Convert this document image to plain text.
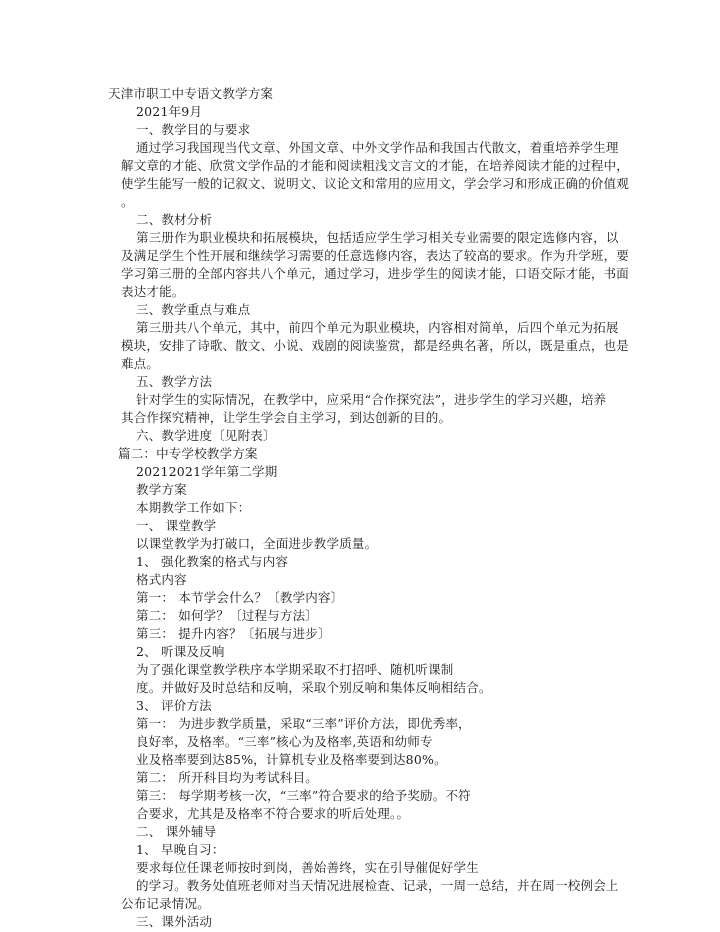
天津市职工中专语文教学方案
2021年9月
一、教学目的与要求
通过学习我国现当代文章、外国文章、中外文学作品和我国古代散文，着重培养学生理
解文章的才能、欣赏文学作品的才能和阅读粗浅文言文的才能，在培养阅读才能的过程中，
使学生能写一般的记叙文、说明文、议论文和常用的应用文，学会学习和形成正确的价值观
。
二、教材分析
第三册作为职业模块和拓展模块，包括适应学生学习相关专业需要的限定选修内容，以
及满足学生个性开展和继续学习需要的任意选修内容，表达了较高的要求。作为升学班，要
学习第三册的全部内容共八个单元，通过学习，进步学生的阅读才能，口语交际才能，书面
表达才能。
三、教学重点与难点
第三册共八个单元，其中，前四个单元为职业模块，内容相对简单，后四个单元为拓展
模块，安排了诗歌、散文、小说、戏剧的阅读鉴赏，都是经典名著，所以，既是重点，也是
难点。
五、教学方法
针对学生的实际情况，在教学中，应采用“合作探究法”，进步学生的学习兴趣，培养
其合作探究精神，让学生学会自主学习，到达创新的目的。
六、教学进度〔见附表〕
篇二：中专学校教学方案
20212021学年第二学期
教学方案
本期教学工作如下：
一、 课堂教学
以课堂教学为打破口，全面进步教学质量。
1、 强化教案的格式与内容
格式内容
第一： 本节学会什么？〔教学内容〕
第二： 如何学？〔过程与方法〕
第三： 提升内容？〔拓展与进步〕
2、 听课及反响
为了强化课堂教学秩序本学期采取不打招呼、随机听课制
度。并做好及时总结和反响，采取个别反响和集体反响相结合。
3、 评价方法
第一： 为进步教学质量，采取“三率”评价方法，即优秀率，
良好率，及格率。“三率”核心为及格率,英语和幼师专
业及格率要到达85%，计算机专业及格率要到达80%。
第二： 所开科目均为考试科目。
第三： 每学期考核一次，“三率”符合要求的给予奖励。不符
合要求，尤其是及格率不符合要求的听后处理。。
二、 课外辅导
1、 早晚自习：
要求每位任课老师按时到岗，善始善终，实在引导催促好学生
的学习。教务处值班老师对当天情况进展检查、记录，一周一总结，并在周一校例会上
公布记录情况。
三、课外活动
